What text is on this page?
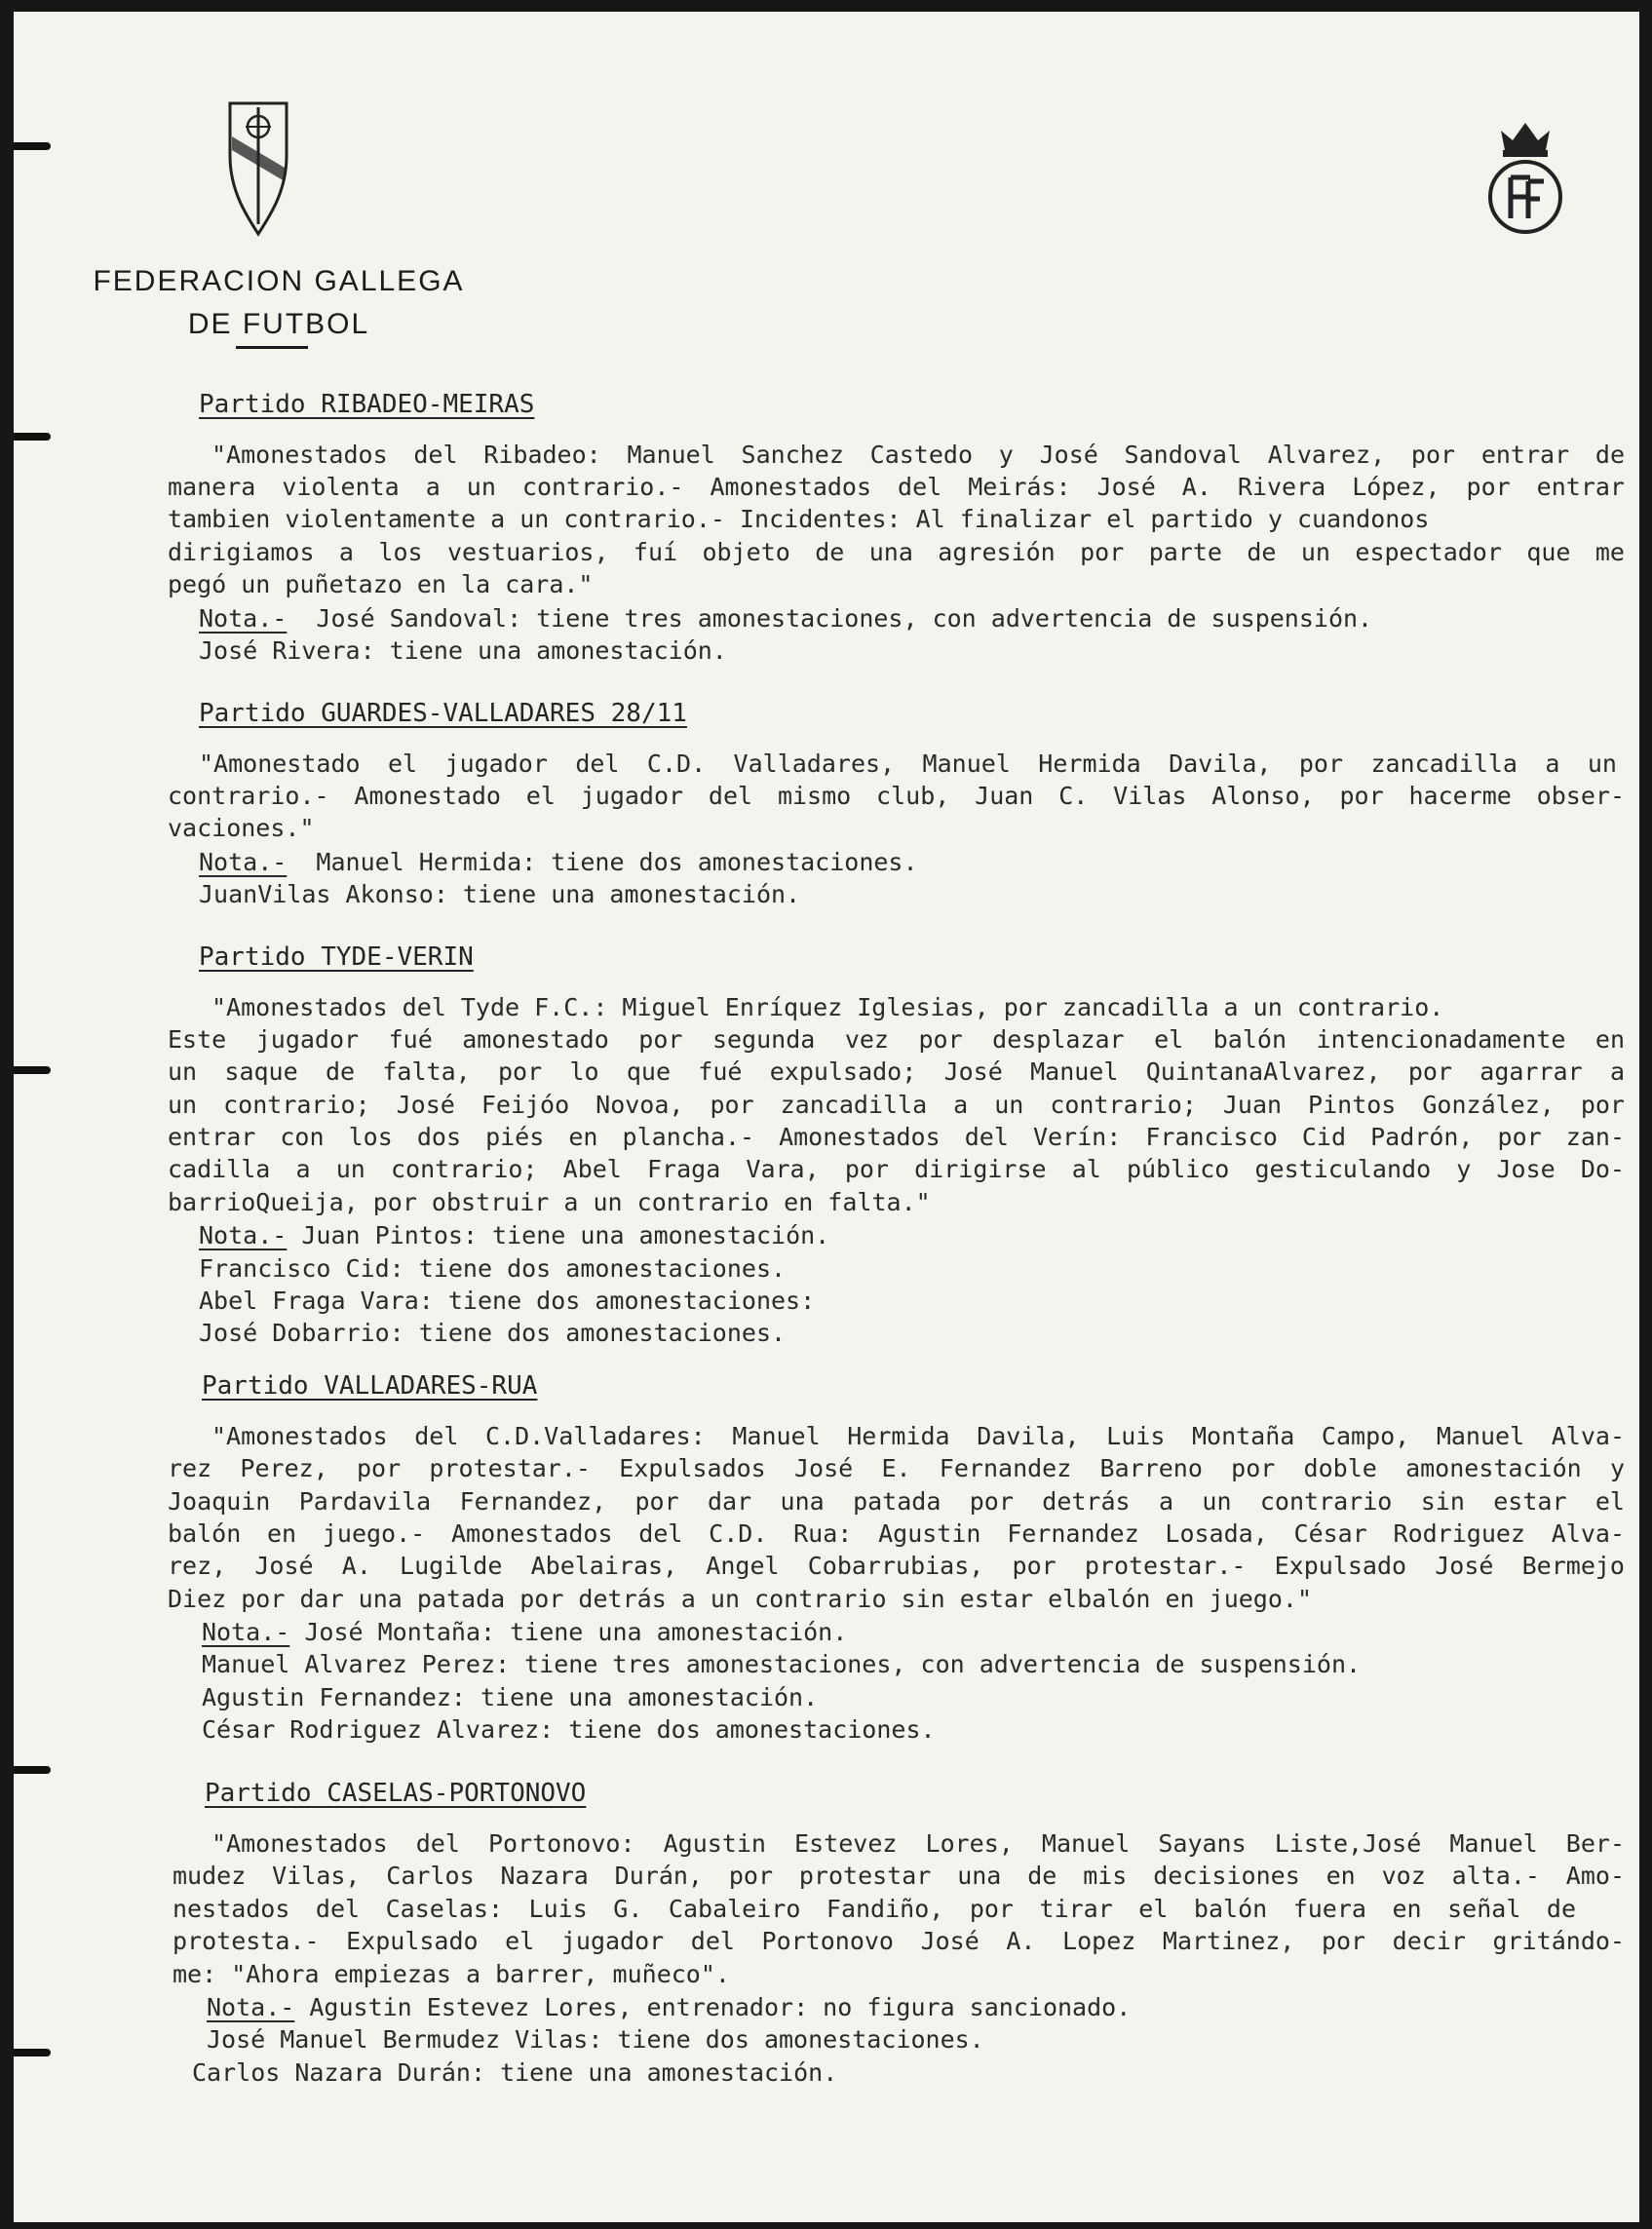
FEDERACION GALLEGA
DE FUTBOL
Partido RIBADEO-MEIRAS
"Amonestados del Ribadeo: Manuel Sanchez Castedo y José Sandoval Alvarez, por entrar de
manera violenta a un contrario.- Amonestados del Meirás: José A. Rivera López, por entrar
tambien violentamente a un contrario.- Incidentes: Al finalizar el partido y cuandonos
dirigiamos a los vestuarios, fuí objeto de una agresión por parte de un espectador que me
pegó un puñetazo en la cara."
Nota.- José Sandoval: tiene tres amonestaciones, con advertencia de suspensión.
José Rivera: tiene una amonestación.
Partido GUARDES-VALLADARES 28/11
"Amonestado el jugador del C.D. Valladares, Manuel Hermida Davila, por zancadilla a un
contrario.- Amonestado el jugador del mismo club, Juan C. Vilas Alonso, por hacerme obser-
vaciones."
Nota.- Manuel Hermida: tiene dos amonestaciones.
JuanVilas Akonso: tiene una amonestación.
Partido TYDE-VERIN
"Amonestados del Tyde F.C.: Miguel Enríquez Iglesias, por zancadilla a un contrario.
Este jugador fué amonestado por segunda vez por desplazar el balón intencionadamente en
un saque de falta, por lo que fué expulsado; José Manuel QuintanaAlvarez, por agarrar a
un contrario; José Feijóo Novoa, por zancadilla a un contrario; Juan Pintos González, por
entrar con los dos piés en plancha.- Amonestados del Verín: Francisco Cid Padrón, por zan-
cadilla a un contrario; Abel Fraga Vara, por dirigirse al público gesticulando y Jose Do-
barrioQueija, por obstruir a un contrario en falta."
Nota.- Juan Pintos: tiene una amonestación.
Francisco Cid: tiene dos amonestaciones.
Abel Fraga Vara: tiene dos amonestaciones:
José Dobarrio: tiene dos amonestaciones.
Partido VALLADARES-RUA
"Amonestados del C.D.Valladares: Manuel Hermida Davila, Luis Montaña Campo, Manuel Alva-
rez Perez, por protestar.- Expulsados José E. Fernandez Barreno por doble amonestación y
Joaquin Pardavila Fernandez, por dar una patada por detrás a un contrario sin estar el
balón en juego.- Amonestados del C.D. Rua: Agustin Fernandez Losada, César Rodriguez Alva-
rez, José A. Lugilde Abelairas, Angel Cobarrubias, por protestar.- Expulsado José Bermejo
Diez por dar una patada por detrás a un contrario sin estar elbalón en juego."
Nota.- José Montaña: tiene una amonestación.
Manuel Alvarez Perez: tiene tres amonestaciones, con advertencia de suspensión.
Agustin Fernandez: tiene una amonestación.
César Rodriguez Alvarez: tiene dos amonestaciones.
Partido CASELAS-PORTONOVO
"Amonestados del Portonovo: Agustin Estevez Lores, Manuel Sayans Liste,José Manuel Ber-
mudez Vilas, Carlos Nazara Durán, por protestar una de mis decisiones en voz alta.- Amo-
nestados del Caselas: Luis G. Cabaleiro Fandiño, por tirar el balón fuera en señal de
protesta.- Expulsado el jugador del Portonovo José A. Lopez Martinez, por decir gritándo-
me: "Ahora empiezas a barrer, muñeco".
Nota.- Agustin Estevez Lores, entrenador: no figura sancionado.
José Manuel Bermudez Vilas: tiene dos amonestaciones.
Carlos Nazara Durán: tiene una amonestación.
